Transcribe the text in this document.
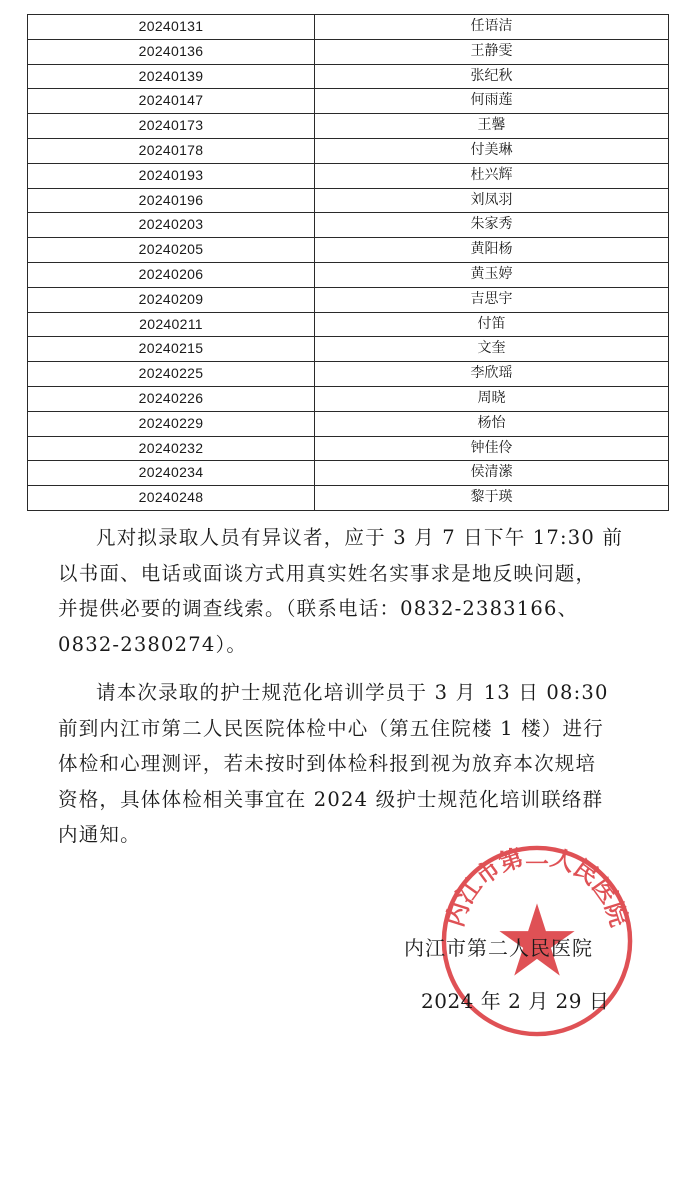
20240131	任语洁
20240136	王静雯
20240139	张纪秋
20240147	何雨莲
20240173	王馨
20240178	付美琳
20240193	杜兴辉
20240196	刘凤羽
20240203	朱家秀
20240205	黄阳杨
20240206	黄玉婷
20240209	吉思宇
20240211	付笛
20240215	文奎
20240225	李欣瑶
20240226	周晓
20240229	杨怡
20240232	钟佳伶
20240234	侯清潆
20240248	黎于瑛
凡对拟录取人员有异议者，应于 3 月 7 日下午 17:30 前
以书面、电话或面谈方式用真实姓名实事求是地反映问题，
并提供必要的调查线索。（联系电话：0832-2383166、
0832-2380274）。
请本次录取的护士规范化培训学员于 3 月 13 日 08:30
前到内江市第二人民医院体检中心（第五住院楼 1 楼）进行
体检和心理测评，若未按时到体检科报到视为放弃本次规培
资格，具体体检相关事宜在 2024 级护士规范化培训联络群
内通知。
内江市第二人民医院
内江市第二人民医院
2024 年 2 月 29 日
